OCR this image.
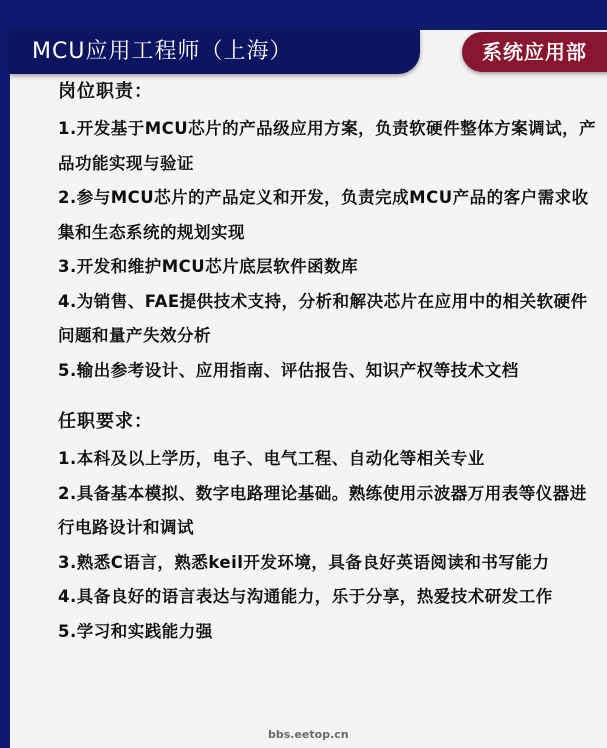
MCU应用工程师（上海）	系统应用部

岗位职责：

1.开发基于MCU芯片的产品级应用方案，负责软硬件整体方案调试，产品功能实现与验证

2.参与MCU芯片的产品定义和开发，负责完成MCU产品的客户需求收集和生态系统的规划实现

3.开发和维护MCU芯片底层软件函数库

4.为销售、FAE提供技术支持，分析和解决芯片在应用中的相关软硬件问题和量产失效分析

5.输出参考设计、应用指南、评估报告、知识产权等技术文档

任职要求：

1.本科及以上学历，电子、电气工程、自动化等相关专业

2.具备基本模拟、数字电路理论基础。熟练使用示波器万用表等仪器进行电路设计和调试

3.熟悉C语言，熟悉keil开发环境，具备良好英语阅读和书写能力

4.具备良好的语言表达与沟通能力，乐于分享，热爱技术研发工作

5.学习和实践能力强

bbs.eetop.cn
